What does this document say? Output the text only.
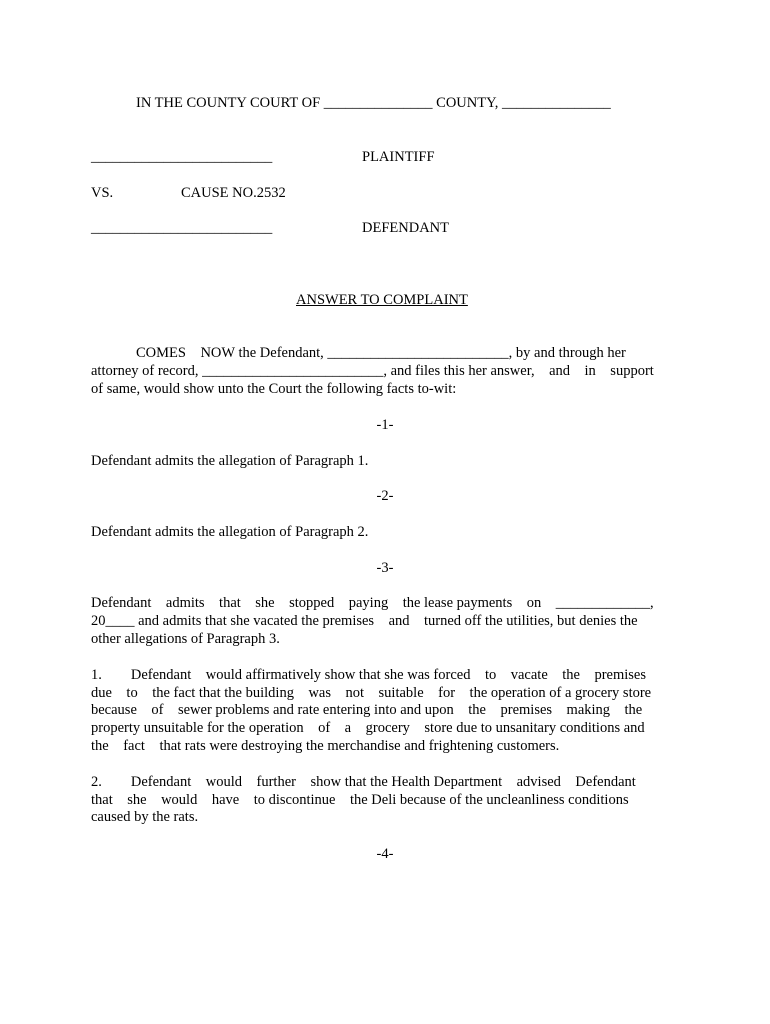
IN THE COUNTY COURT OF _______________ COUNTY, _______________
_________________________	PLAINTIFF
VS.	CAUSE NO.2532
_________________________	DEFENDANT
ANSWER TO COMPLAINT
COMES    NOW the Defendant, _________________________, by and through her
attorney of record, _________________________, and files this her answer,    and    in    support
of same, would show unto the Court the following facts to-wit:
-1-
Defendant admits the allegation of Paragraph 1.
-2-
Defendant admits the allegation of Paragraph 2.
-3-
Defendant    admits    that    she    stopped    paying    the lease payments    on    _____________,
20____ and admits that she vacated the premises    and    turned off the utilities, but denies the
other allegations of Paragraph 3.
1.        Defendant    would affirmatively show that she was forced    to    vacate    the    premises
due    to    the fact that the building    was    not    suitable    for    the operation of a grocery store
because    of    sewer problems and rate entering into and upon    the    premises    making    the
property unsuitable for the operation    of    a    grocery    store due to unsanitary conditions and
the    fact    that rats were destroying the merchandise and frightening customers.
2.        Defendant    would    further    show that the Health Department    advised    Defendant
that    she    would    have    to discontinue    the Deli because of the uncleanliness conditions
caused by the rats.
-4-
